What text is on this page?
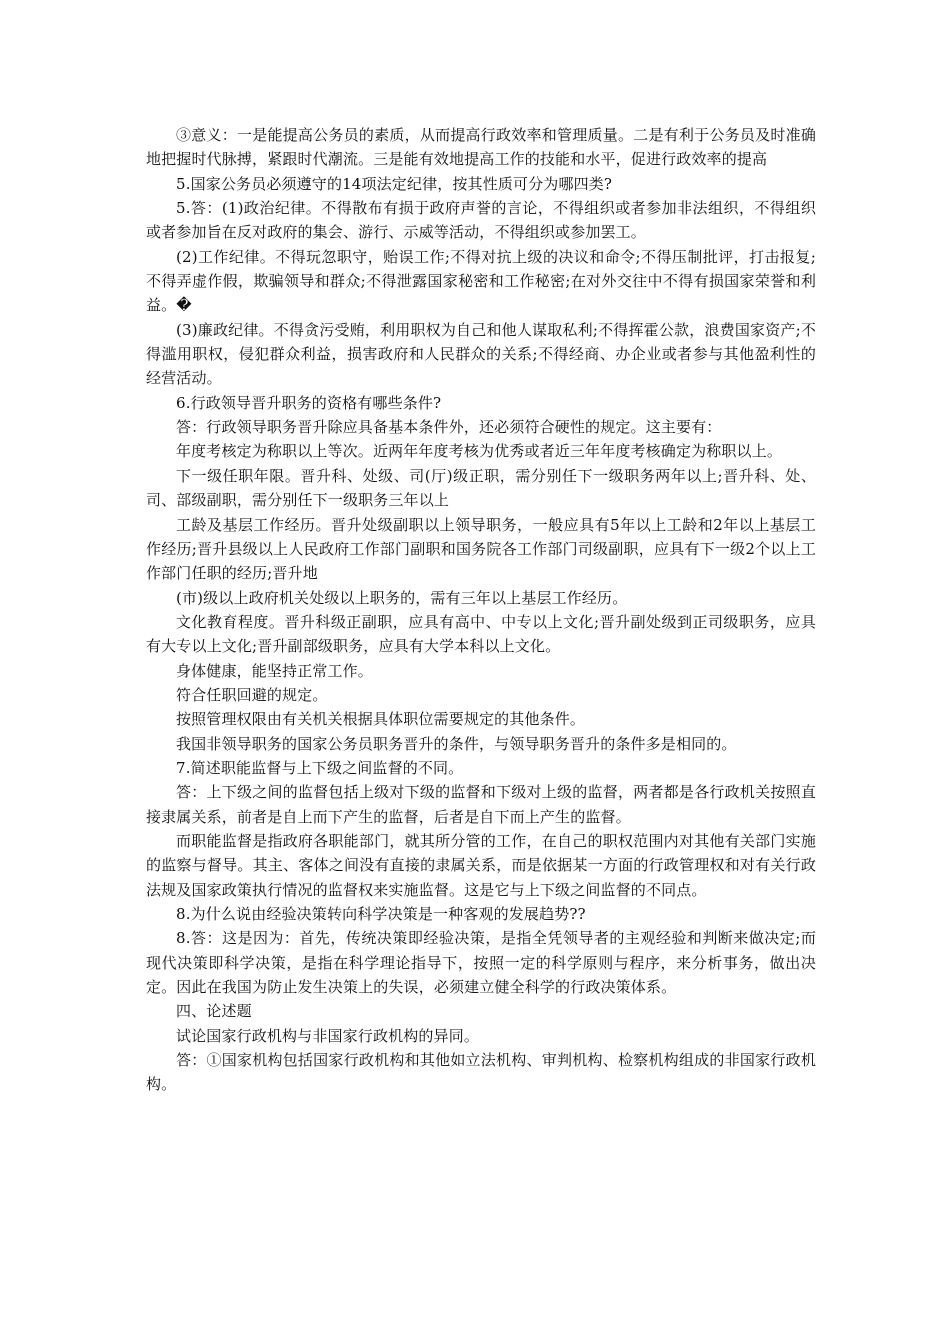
③意义：一是能提高公务员的素质，从而提高行政效率和管理质量。二是有利于公务员及时准确地把握时代脉搏，紧跟时代潮流。三是能有效地提高工作的技能和水平，促进行政效率的提高

5.国家公务员必须遵守的14项法定纪律，按其性质可分为哪四类?

5.答：(1)政治纪律。不得散布有损于政府声誉的言论，不得组织或者参加非法组织，不得组织或者参加旨在反对政府的集会、游行、示威等活动，不得组织或参加罢工。

(2)工作纪律。不得玩忽职守，贻误工作;不得对抗上级的决议和命令;不得压制批评，打击报复;不得弄虚作假，欺骗领导和群众;不得泄露国家秘密和工作秘密;在对外交往中不得有损国家荣誉和利益。�

(3)廉政纪律。不得贪污受贿，利用职权为自己和他人谋取私利;不得挥霍公款，浪费国家资产;不得滥用职权，侵犯群众利益，损害政府和人民群众的关系;不得经商、办企业或者参与其他盈利性的经营活动。

6.行政领导晋升职务的资格有哪些条件?

答：行政领导职务晋升除应具备基本条件外，还必须符合硬性的规定。这主要有：

年度考核定为称职以上等次。近两年年度考核为优秀或者近三年年度考核确定为称职以上。

下一级任职年限。晋升科、处级、司(厅)级正职，需分别任下一级职务两年以上;晋升科、处、司、部级副职，需分别任下一级职务三年以上

工龄及基层工作经历。晋升处级副职以上领导职务，一般应具有5年以上工龄和2年以上基层工作经历;晋升县级以上人民政府工作部门副职和国务院各工作部门司级副职，应具有下一级2个以上工作部门任职的经历;晋升地

(市)级以上政府机关处级以上职务的，需有三年以上基层工作经历。

文化教育程度。晋升科级正副职，应具有高中、中专以上文化;晋升副处级到正司级职务，应具有大专以上文化;晋升副部级职务，应具有大学本科以上文化。

身体健康，能坚持正常工作。

符合任职回避的规定。

按照管理权限由有关机关根据具体职位需要规定的其他条件。

我国非领导职务的国家公务员职务晋升的条件，与领导职务晋升的条件多是相同的。

7.简述职能监督与上下级之间监督的不同。

答：上下级之间的监督包括上级对下级的监督和下级对上级的监督，两者都是各行政机关按照直接隶属关系，前者是自上而下产生的监督，后者是自下而上产生的监督。

而职能监督是指政府各职能部门，就其所分管的工作，在自己的职权范围内对其他有关部门实施的监察与督导。其主、客体之间没有直接的隶属关系，而是依据某一方面的行政管理权和对有关行政法规及国家政策执行情况的监督权来实施监督。这是它与上下级之间监督的不同点。

8.为什么说由经验决策转向科学决策是一种客观的发展趋势??

8.答：这是因为：首先，传统决策即经验决策，是指全凭领导者的主观经验和判断来做决定;而现代决策即科学决策，是指在科学理论指导下，按照一定的科学原则与程序，来分析事务，做出决定。因此在我国为防止发生决策上的失误，必须建立健全科学的行政决策体系。

四、论述题

试论国家行政机构与非国家行政机构的异同。

答：①国家机构包括国家行政机构和其他如立法机构、审判机构、检察机构组成的非国家行政机构。
